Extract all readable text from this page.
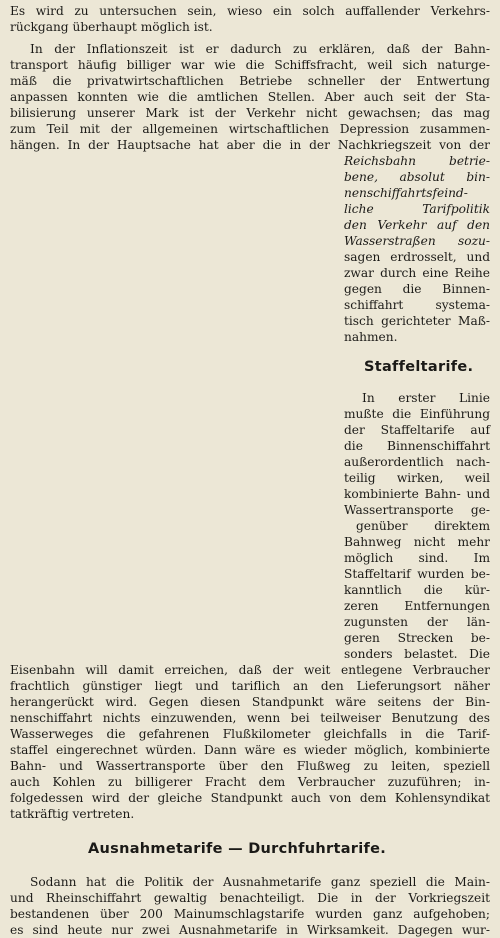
Es wird zu untersuchen sein, wieso ein solch auffallender Verkehrs-
rückgang überhaupt möglich ist.
In der Inflationszeit ist er dadurch zu erklären, daß der Bahn-
transport häufig billiger war wie die Schiffsfracht, weil sich naturge-
mäß die privatwirtschaftlichen Betriebe schneller der Entwertung
anpassen konnten wie die amtlichen Stellen. Aber auch seit der Sta-
bilisierung unserer Mark ist der Verkehr nicht gewachsen; das mag
zum Teil mit der allgemeinen wirtschaftlichen Depression zusammen-
hängen. In der Hauptsache hat aber die in der Nachkriegszeit von der
Reichsbahn betrie-
bene, absolut bin-
nenschiffahrtsfeind-
liche Tarifpolitik
den Verkehr auf den
Wasserstraßen sozu-
sagen erdrosselt, und
zwar durch eine Reihe
gegen die Binnen-
schiffahrt systema-
tisch gerichteter Maß-
nahmen.
Staffeltarife.
In erster Linie
mußte die Einführung
der Staffeltarife auf
die Binnenschiffahrt
außerordentlich nach-
teilig wirken, weil
kombinierte Bahn- und
Wassertransporte ge-
genüber direktem
Bahnweg nicht mehr
möglich sind. Im
Staffeltarif wurden be-
kanntlich die kür-
zeren Entfernungen
zugunsten der län-
geren Strecken be-
sonders belastet. Die
Eisenbahn will damit erreichen, daß der weit entlegene Verbraucher
frachtlich günstiger liegt und tariflich an den Lieferungsort näher
herangerückt wird. Gegen diesen Standpunkt wäre seitens der Bin-
nenschiffahrt nichts einzuwenden, wenn bei teilweiser Benutzung des
Wasserweges die gefahrenen Flußkilometer gleichfalls in die Tarif-
staffel eingerechnet würden. Dann wäre es wieder möglich, kombinierte
Bahn- und Wassertransporte über den Flußweg zu leiten, speziell
auch Kohlen zu billigerer Fracht dem Verbraucher zuzuführen; in-
folgedessen wird der gleiche Standpunkt auch von dem Kohlensyndikat
tatkräftig vertreten.
Ausnahmetarife — Durchfuhrtarife.
Sodann hat die Politik der Ausnahmetarife ganz speziell die Main-
und Rheinschiffahrt gewaltig benachteiligt. Die in der Vorkriegszeit
bestandenen über 200 Mainumschlagstarife wurden ganz aufgehoben;
es sind heute nur zwei Ausnahmetarife in Wirksamkeit. Dagegen wur-
